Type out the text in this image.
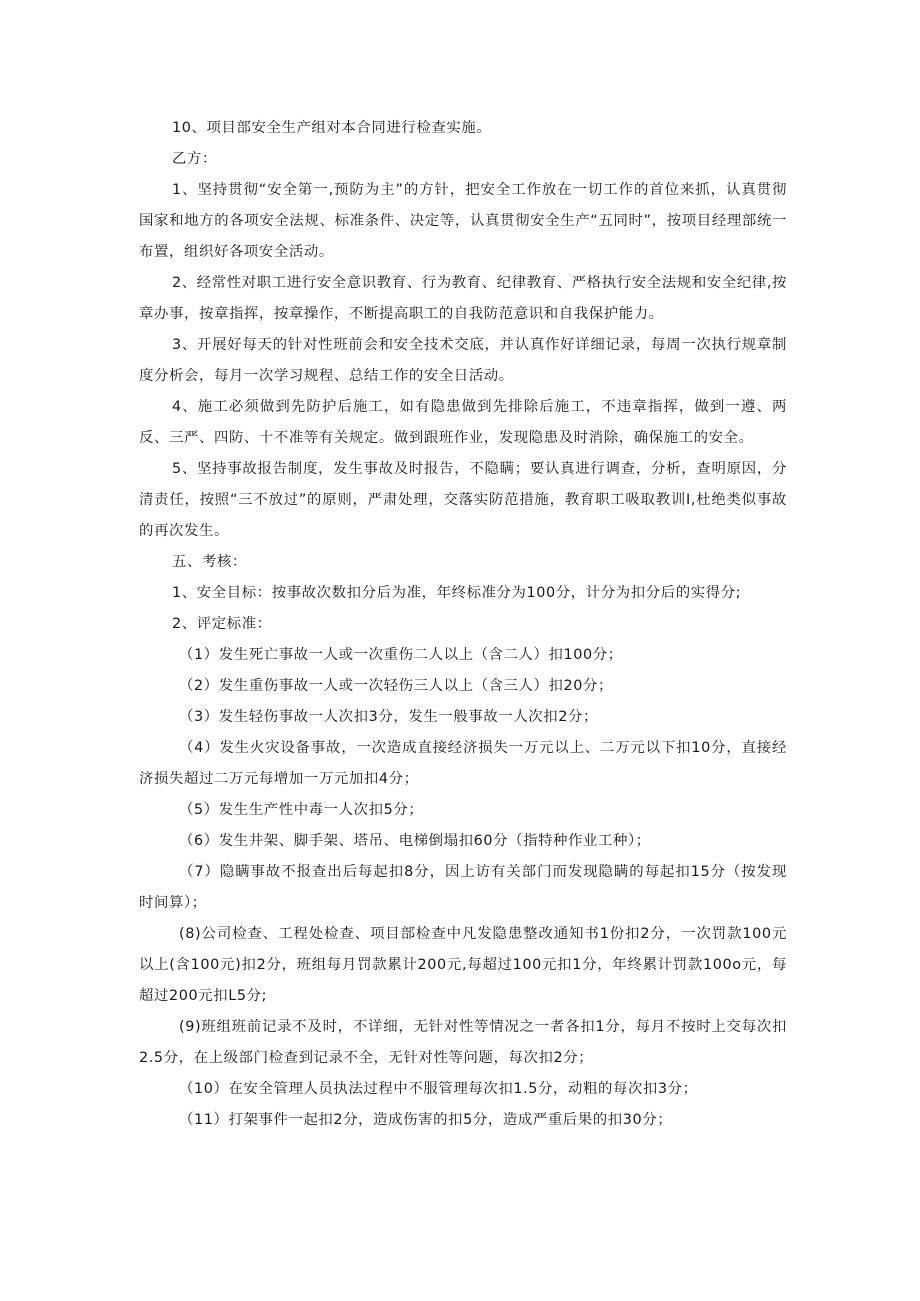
10、项目部安全生产组对本合同进行检查实施。

乙方：

1、坚持贯彻“安全第一,预防为主”的方针，把安全工作放在一切工作的首位来抓，认真贯彻国家和地方的各项安全法规、标准条件、决定等，认真贯彻安全生产“五同时”，按项目经理部统一布置，组织好各项安全活动。

2、经常性对职工进行安全意识教育、行为教育、纪律教育、严格执行安全法规和安全纪律,按章办事，按章指挥，按章操作，不断提高职工的自我防范意识和自我保护能力。

3、开展好每天的针对性班前会和安全技术交底，并认真作好详细记录，每周一次执行规章制度分析会，每月一次学习规程、总结工作的安全日活动。

4、施工必须做到先防护后施工，如有隐患做到先排除后施工，不违章指挥，做到一遵、两反、三严、四防、十不准等有关规定。做到跟班作业，发现隐患及时消除，确保施工的安全。

5、坚持事故报告制度，发生事故及时报告，不隐瞒；要认真进行调查，分析，查明原因，分清责任，按照“三不放过”的原则，严肃处理，交落实防范措施，教育职工吸取教训I,杜绝类似事故的再次发生。

五、考核：

1、安全目标：按事故次数扣分后为准，年终标准分为100分，计分为扣分后的实得分;

2、评定标准：

（1）发生死亡事故一人或一次重伤二人以上（含二人）扣100分；

（2）发生重伤事故一人或一次轻伤三人以上（含三人）扣20分；

（3）发生轻伤事故一人次扣3分，发生一般事故一人次扣2分；

（4）发生火灾设备事故，一次造成直接经济损失一万元以上、二万元以下扣10分，直接经济损失超过二万元每增加一万元加扣4分；

（5）发生生产性中毒一人次扣5分；

（6）发生井架、脚手架、塔吊、电梯倒塌扣60分（指特种作业工种）；

（7）隐瞒事故不报查出后每起扣8分，因上访有关部门而发现隐瞒的每起扣15分（按发现时间算）；

(8)公司检查、工程处检查、项目部检查中凡发隐患整改通知书1份扣2分，一次罚款100元以上(含100元)扣2分，班组每月罚款累计200元,每超过100元扣1分，年终累计罚款100o元，每超过200元扣L5分;

(9)班组班前记录不及时，不详细，无针对性等情况之一者各扣1分，每月不按时上交每次扣2.5分，在上级部门检查到记录不全，无针对性等问题，每次扣2分；

（10）在安全管理人员执法过程中不服管理每次扣1.5分，动粗的每次扣3分；

（11）打架事件一起扣2分，造成伤害的扣5分，造成严重后果的扣30分；
